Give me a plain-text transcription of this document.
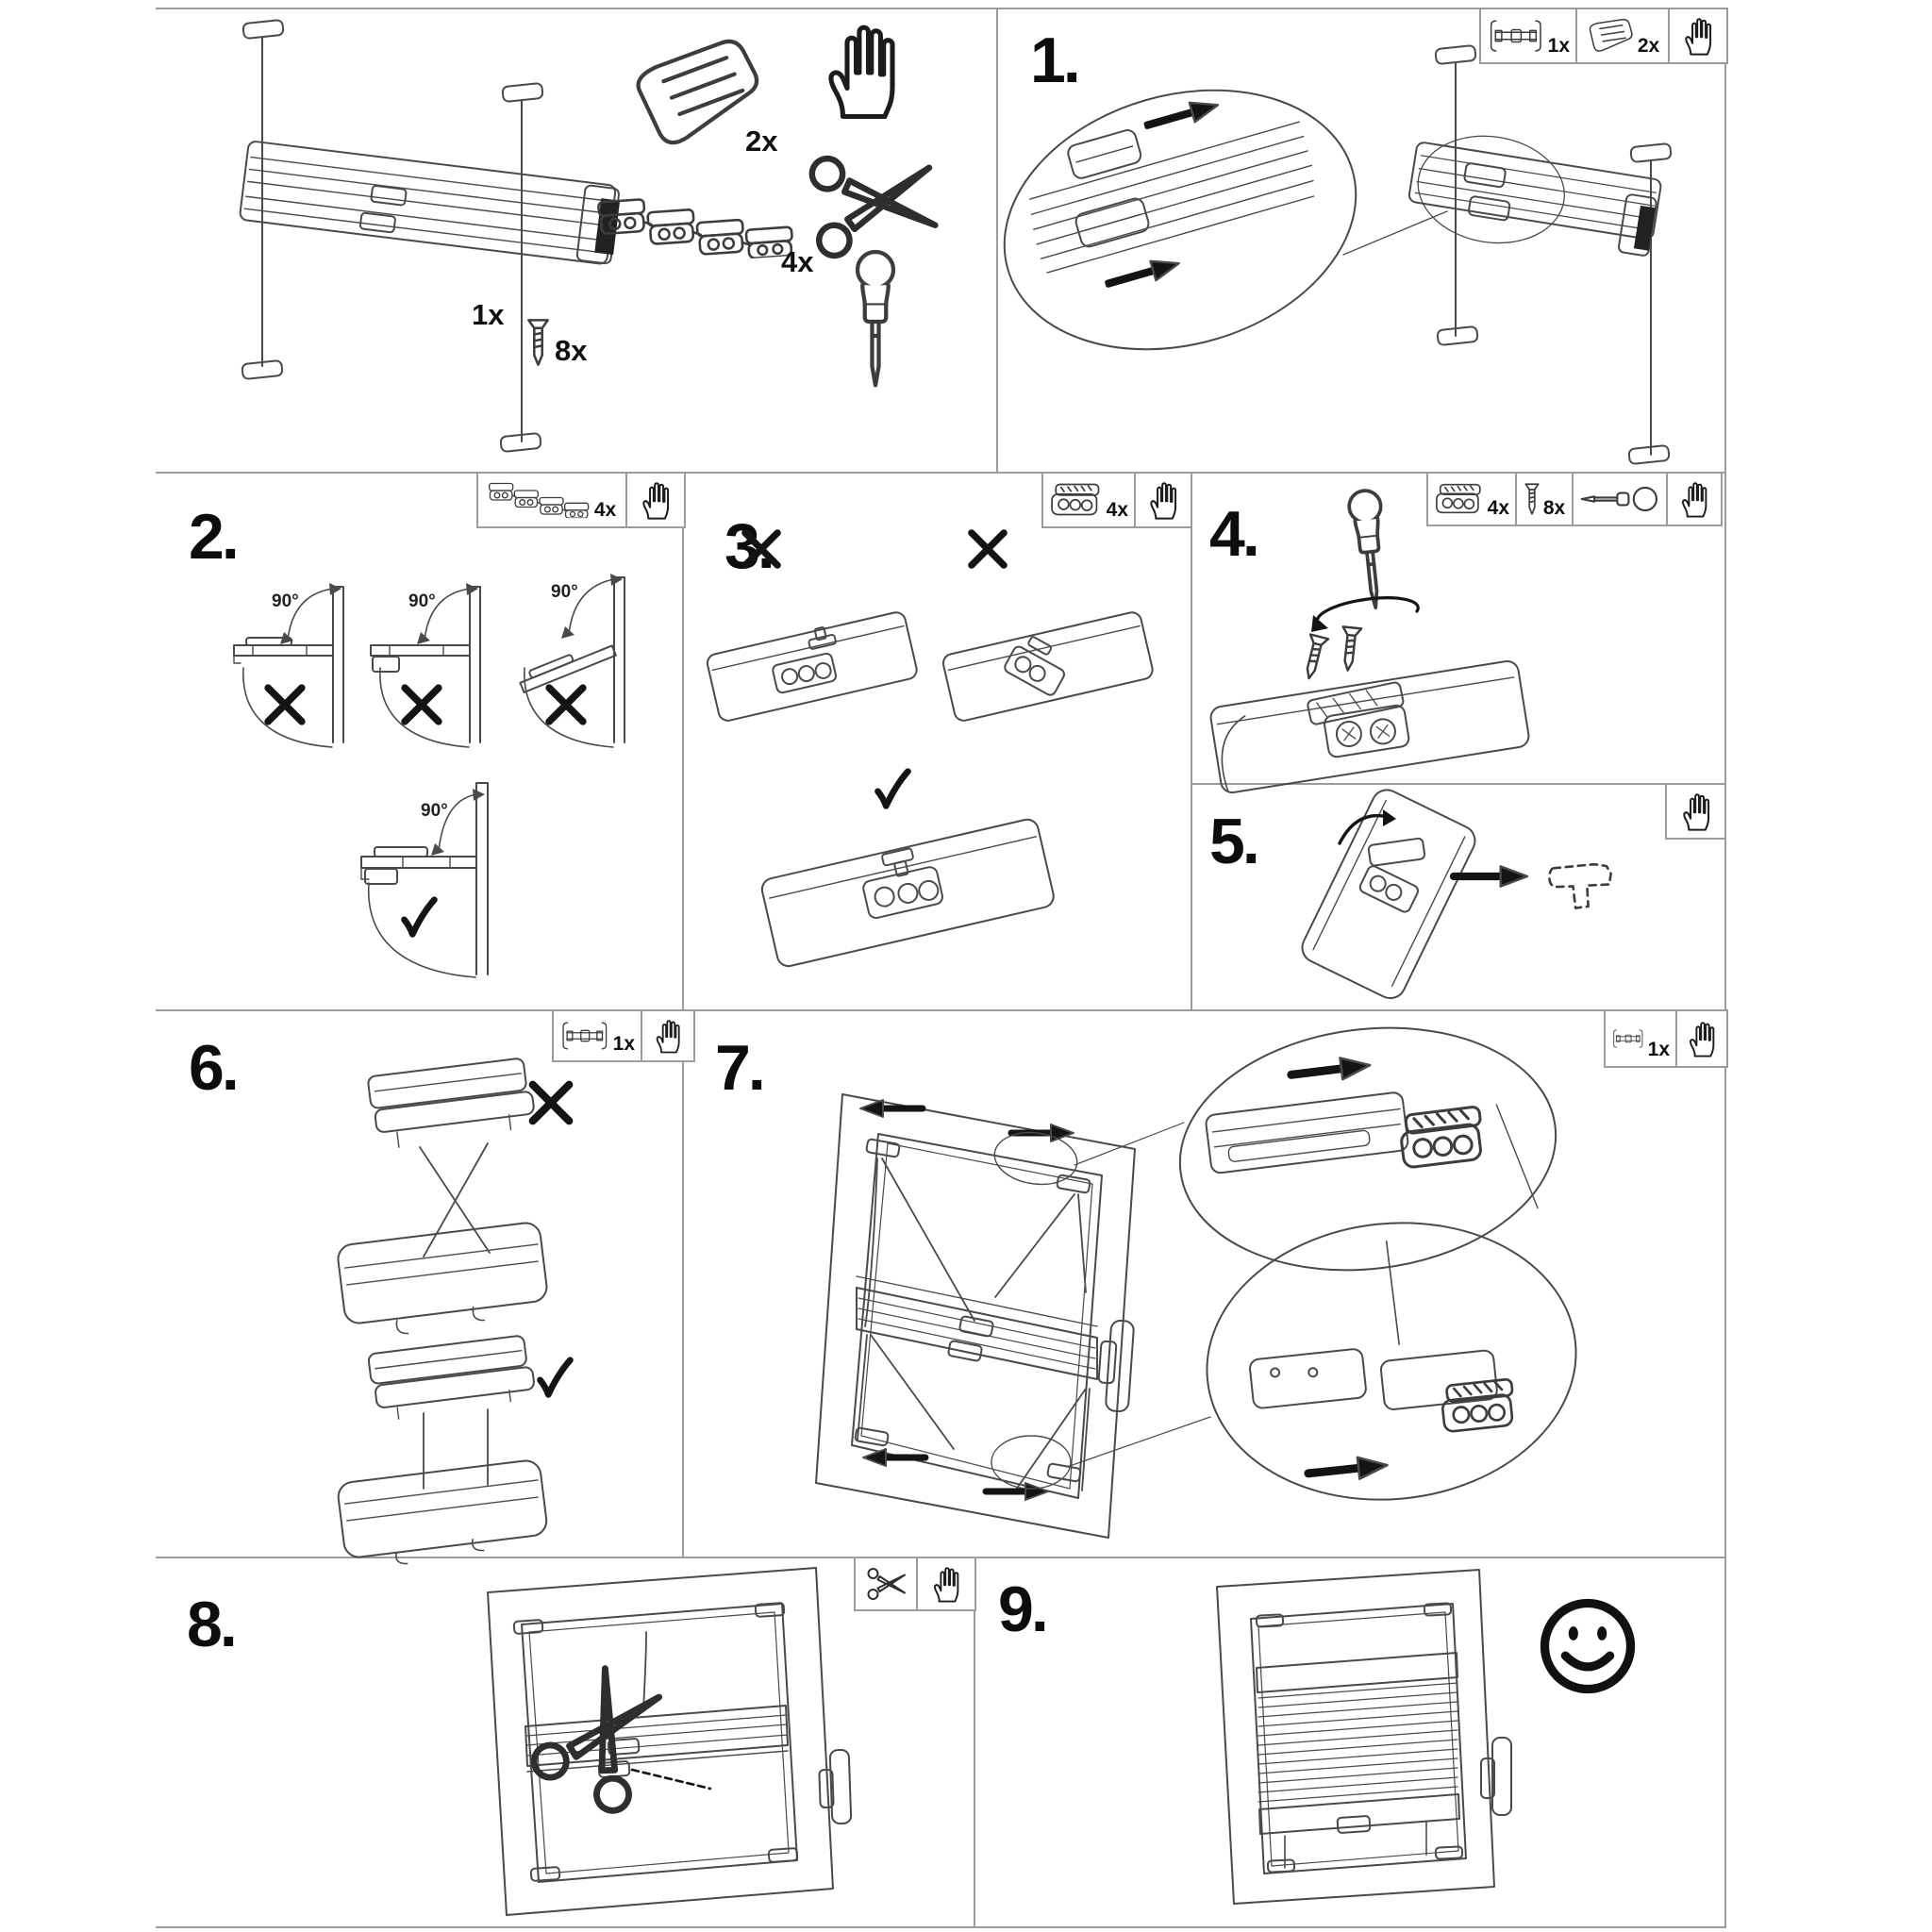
1.
2.	3.	4.
5.
6.	7.
8.	9.
1x
8x
2x
4x
1x	2x
4x	4x	4x 8x
1x	1x
90°	90°	90°
90°
